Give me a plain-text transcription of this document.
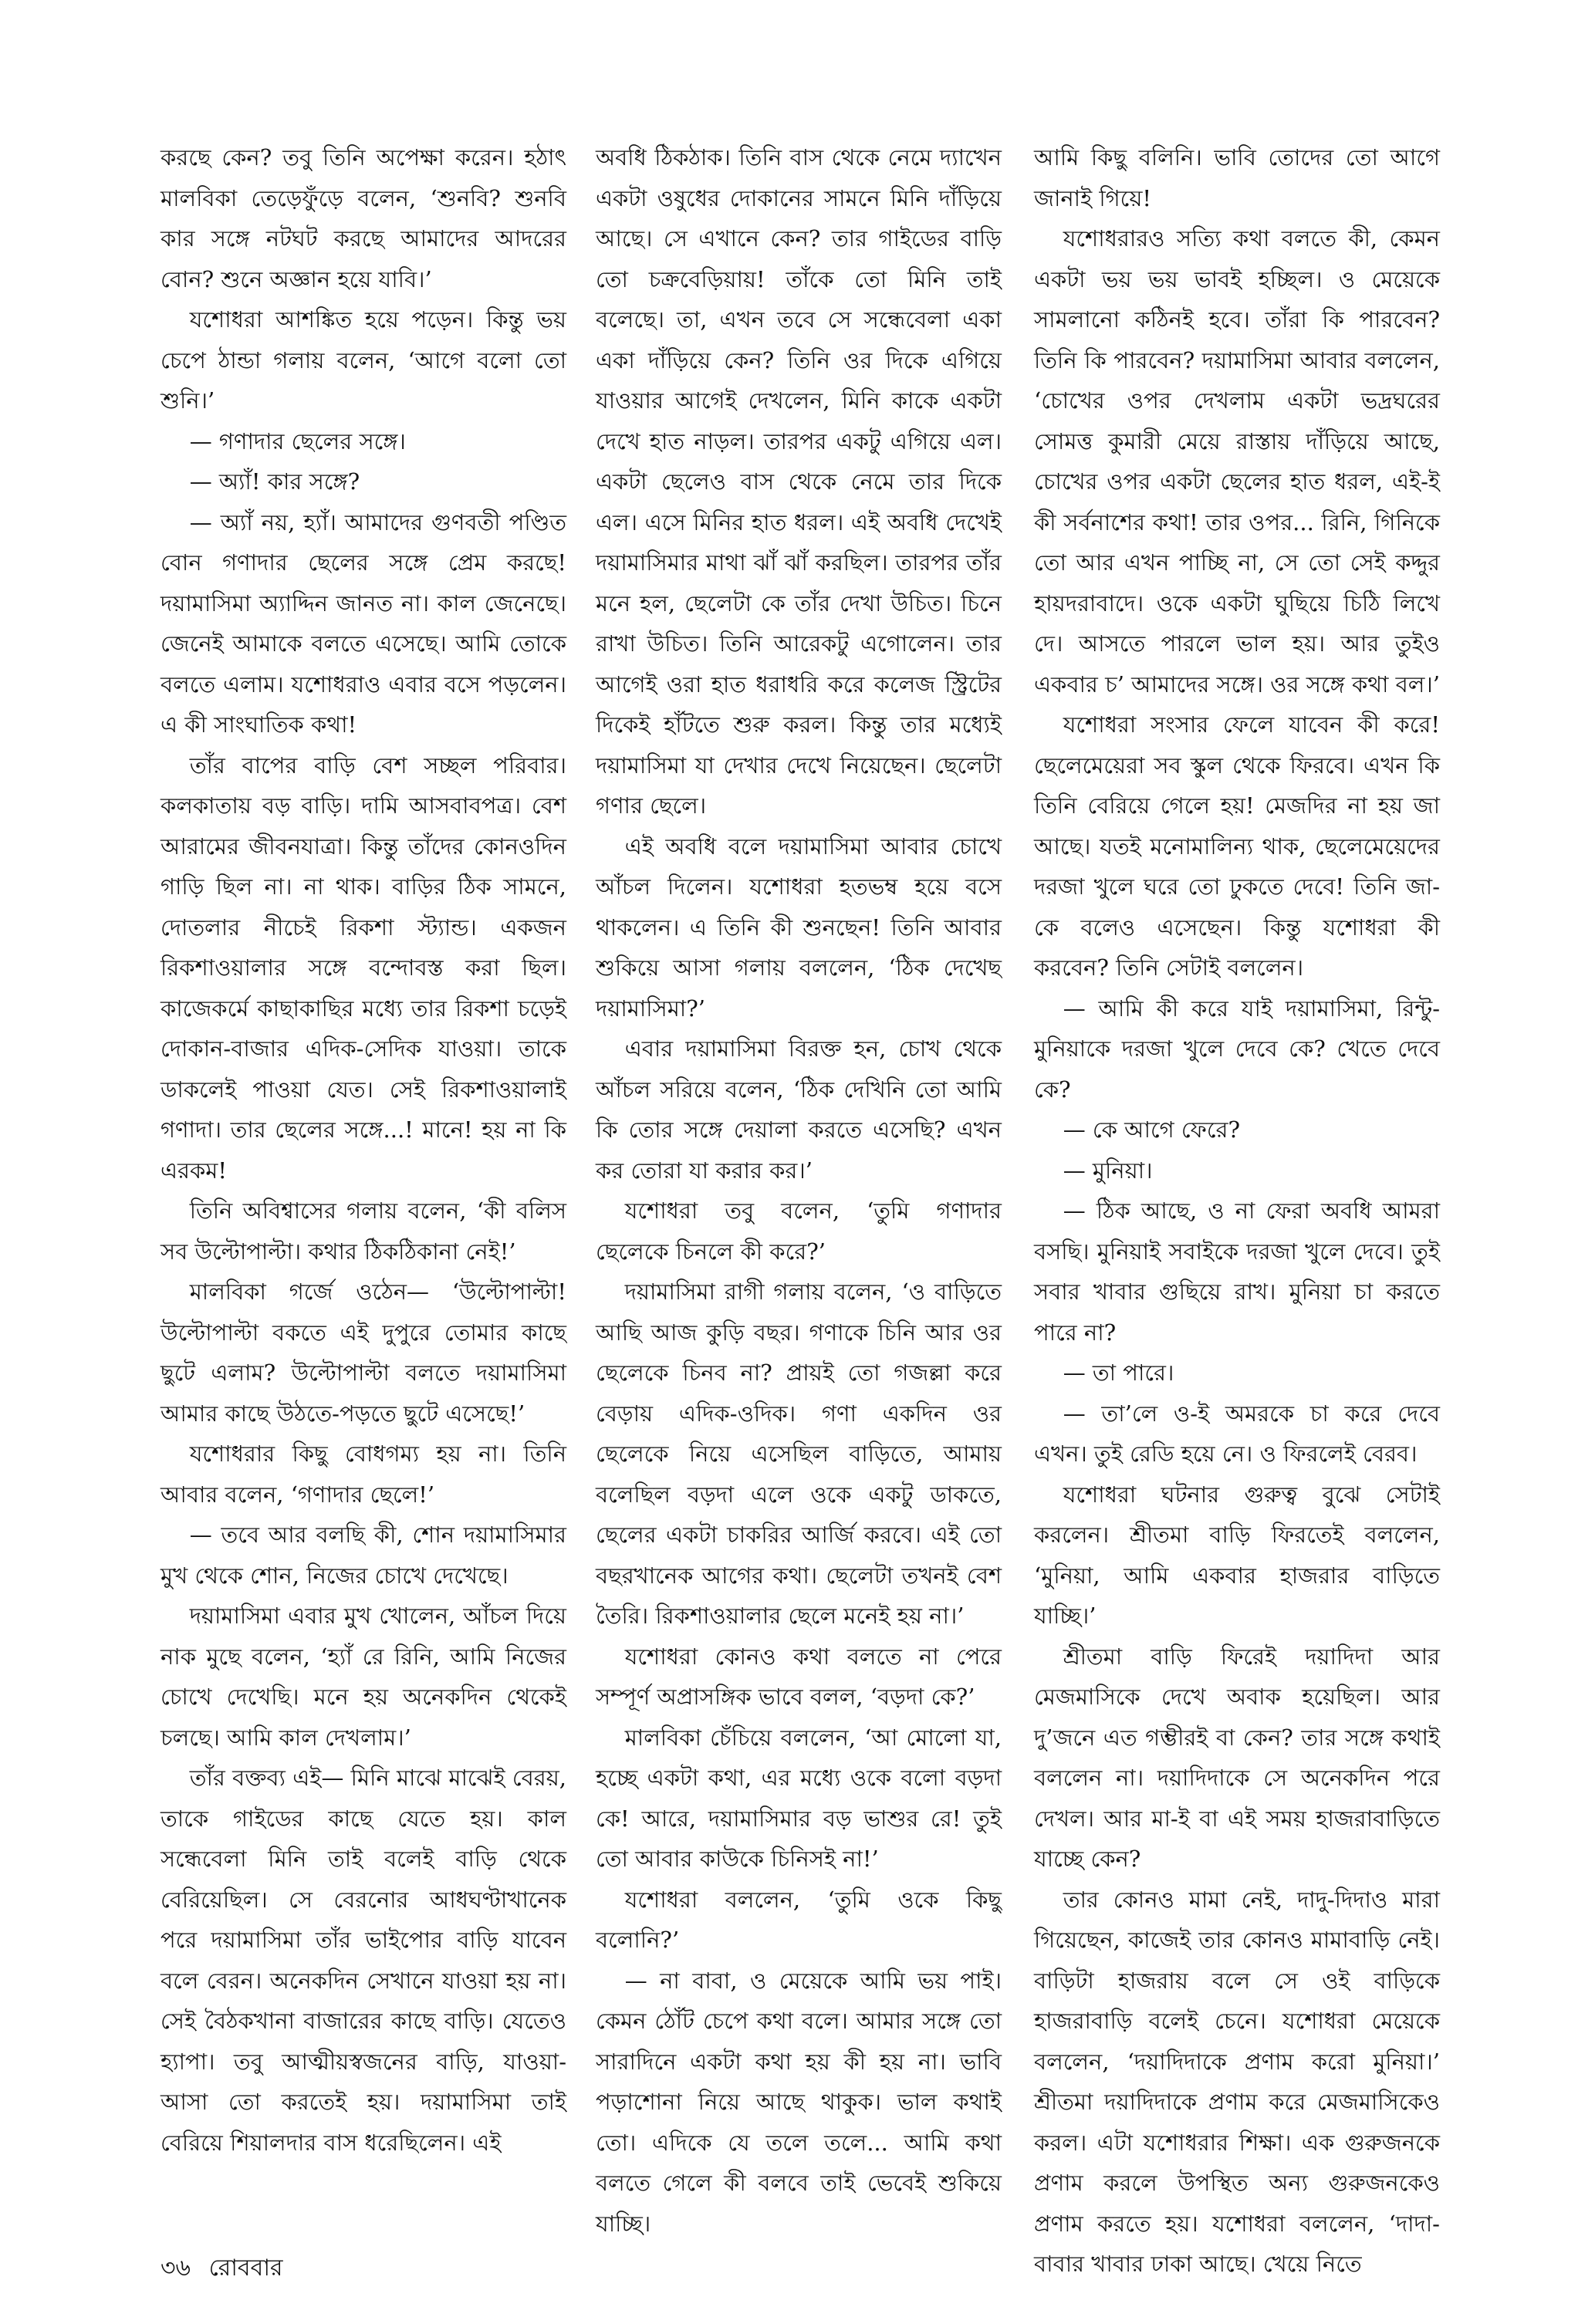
করছে কেন? তবু তিনি অপেক্ষা করেন। হঠাৎ মালবিকা তেড়েফুঁড়ে বলেন, ‘শুনবি? শুনবি কার সঙ্গে নটঘট করছে আমাদের আদরের বোন? শুনে অজ্ঞান হয়ে যাবি।’

যশোধরা আশঙ্কিত হয়ে পড়েন। কিন্তু ভয় চেপে ঠান্ডা গলায় বলেন, ‘আগে বলো তো শুনি।’

— গণাদার ছেলের সঙ্গে।

— অ্যাঁ! কার সঙ্গে?

— অ্যাঁ নয়, হ্যাঁ। আমাদের গুণবতী পণ্ডিত বোন গণাদার ছেলের সঙ্গে প্রেম করছে! দয়ামাসিমা অ্যাদ্দিন জানত না। কাল জেনেছে। জেনেই আমাকে বলতে এসেছে। আমি তোকে বলতে এলাম। যশোধরাও এবার বসে পড়লেন। এ কী সাংঘাতিক কথা!

তাঁর বাপের বাড়ি বেশ সচ্ছল পরিবার। কলকাতায় বড় বাড়ি। দামি আসবাবপত্র। বেশ আরামের জীবনযাত্রা। কিন্তু তাঁদের কোনওদিন গাড়ি ছিল না। না থাক। বাড়ির ঠিক সামনে, দোতলার নীচেই রিকশা স্ট্যান্ড। একজন রিকশাওয়ালার সঙ্গে বন্দোবস্ত করা ছিল। কাজেকর্মে কাছাকাছির মধ্যে তার রিকশা চড়েই দোকান-বাজার এদিক-সেদিক যাওয়া। তাকে ডাকলেই পাওয়া যেত। সেই রিকশাওয়ালাই গণাদা। তার ছেলের সঙ্গে...! মানে! হয় না কি এরকম!

তিনি অবিশ্বাসের গলায় বলেন, ‘কী বলিস সব উল্টোপাল্টা। কথার ঠিকঠিকানা নেই!’

মালবিকা গর্জে ওঠেন— ‘উল্টোপাল্টা! উল্টোপাল্টা বকতে এই দুপুরে তোমার কাছে ছুটে এলাম? উল্টোপাল্টা বলতে দয়ামাসিমা আমার কাছে উঠতে-পড়তে ছুটে এসেছে!’

যশোধরার কিছু বোধগম্য হয় না। তিনি আবার বলেন, ‘গণাদার ছেলে!’

— তবে আর বলছি কী, শোন দয়ামাসিমার মুখ থেকে শোন, নিজের চোখে দেখেছে।

দয়ামাসিমা এবার মুখ খোলেন, আঁচল দিয়ে নাক মুছে বলেন, ‘হ্যাঁ রে রিনি, আমি নিজের চোখে দেখেছি। মনে হয় অনেকদিন থেকেই চলছে। আমি কাল দেখলাম।’

তাঁর বক্তব্য এই— মিনি মাঝে মাঝেই বেরয়, তাকে গাইডের কাছে যেতে হয়। কাল সন্ধেবেলা মিনি তাই বলেই বাড়ি থেকে বেরিয়েছিল। সে বেরনোর আধঘণ্টাখানেক পরে দয়ামাসিমা তাঁর ভাইপোর বাড়ি যাবেন বলে বেরন। অনেকদিন সেখানে যাওয়া হয় না। সেই বৈঠকখানা বাজারের কাছে বাড়ি। যেতেও হ্যাপা। তবু আত্মীয়স্বজনের বাড়ি, যাওয়া-আসা তো করতেই হয়। দয়ামাসিমা তাই বেরিয়ে শিয়ালদার বাস ধরেছিলেন। এই

অবধি ঠিকঠাক। তিনি বাস থেকে নেমে দ্যাখেন একটা ওষুধের দোকানের সামনে মিনি দাঁড়িয়ে আছে। সে এখানে কেন? তার গাইডের বাড়ি তো চক্রবেড়িয়ায়! তাঁকে তো মিনি তাই বলেছে। তা, এখন তবে সে সন্ধেবেলা একা একা দাঁড়িয়ে কেন? তিনি ওর দিকে এগিয়ে যাওয়ার আগেই দেখলেন, মিনি কাকে একটা দেখে হাত নাড়ল। তারপর একটু এগিয়ে এল। একটা ছেলেও বাস থেকে নেমে তার দিকে এল। এসে মিনির হাত ধরল। এই অবধি দেখেই দয়ামাসিমার মাথা ঝাঁ ঝাঁ করছিল। তারপর তাঁর মনে হল, ছেলেটা কে তাঁর দেখা উচিত। চিনে রাখা উচিত। তিনি আরেকটু এগোলেন। তার আগেই ওরা হাত ধরাধরি করে কলেজ স্ট্রিটের দিকেই হাঁটতে শুরু করল। কিন্তু তার মধ্যেই দয়ামাসিমা যা দেখার দেখে নিয়েছেন। ছেলেটা গণার ছেলে।

এই অবধি বলে দয়ামাসিমা আবার চোখে আঁচল দিলেন। যশোধরা হতভম্ব হয়ে বসে থাকলেন। এ তিনি কী শুনছেন! তিনি আবার শুকিয়ে আসা গলায় বললেন, ‘ঠিক দেখেছ দয়ামাসিমা?’

এবার দয়ামাসিমা বিরক্ত হন, চোখ থেকে আঁচল সরিয়ে বলেন, ‘ঠিক দেখিনি তো আমি কি তোর সঙ্গে দেয়ালা করতে এসেছি? এখন কর তোরা যা করার কর।’

যশোধরা তবু বলেন, ‘তুমি গণাদার ছেলেকে চিনলে কী করে?’

দয়ামাসিমা রাগী গলায় বলেন, ‘ও বাড়িতে আছি আজ কুড়ি বছর। গণাকে চিনি আর ওর ছেলেকে চিনব না? প্রায়ই তো গজল্লা করে বেড়ায় এদিক-ওদিক। গণা একদিন ওর ছেলেকে নিয়ে এসেছিল বাড়িতে, আমায় বলেছিল বড়দা এলে ওকে একটু ডাকতে, ছেলের একটা চাকরির আর্জি করবে। এই তো বছরখানেক আগের কথা। ছেলেটা তখনই বেশ তৈরি। রিকশাওয়ালার ছেলে মনেই হয় না।’

যশোধরা কোনও কথা বলতে না পেরে সম্পূর্ণ অপ্রাসঙ্গিক ভাবে বলল, ‘বড়দা কে?’

মালবিকা চেঁচিয়ে বললেন, ‘আ মোলো যা, হচ্ছে একটা কথা, এর মধ্যে ওকে বলো বড়দা কে! আরে, দয়ামাসিমার বড় ভাশুর রে! তুই তো আবার কাউকে চিনিসই না!’

যশোধরা বললেন, ‘তুমি ওকে কিছু বলোনি?’

— না বাবা, ও মেয়েকে আমি ভয় পাই। কেমন ঠোঁট চেপে কথা বলে। আমার সঙ্গে তো সারাদিনে একটা কথা হয় কী হয় না। ভাবি পড়াশোনা নিয়ে আছে থাকুক। ভাল কথাই তো। এদিকে যে তলে তলে... আমি কথা বলতে গেলে কী বলবে তাই ভেবেই শুকিয়ে যাচ্ছি।

আমি কিছু বলিনি। ভাবি তোদের তো আগে জানাই গিয়ে!

যশোধরারও সত্যি কথা বলতে কী, কেমন একটা ভয় ভয় ভাবই হচ্ছিল। ও মেয়েকে সামলানো কঠিনই হবে। তাঁরা কি পারবেন? তিনি কি পারবেন? দয়ামাসিমা আবার বললেন, ‘চোখের ওপর দেখলাম একটা ভদ্রঘরের সোমত্ত কুমারী মেয়ে রাস্তায় দাঁড়িয়ে আছে, চোখের ওপর একটা ছেলের হাত ধরল, এই-ই কী সর্বনাশের কথা! তার ওপর... রিনি, গিনিকে তো আর এখন পাচ্ছি না, সে তো সেই কদ্দুর হায়দরাবাদে। ওকে একটা ঘুছিয়ে চিঠি লিখে দে। আসতে পারলে ভাল হয়। আর তুইও একবার চ’ আমাদের সঙ্গে। ওর সঙ্গে কথা বল।’

যশোধরা সংসার ফেলে যাবেন কী করে! ছেলেমেয়েরা সব স্কুল থেকে ফিরবে। এখন কি তিনি বেরিয়ে গেলে হয়! মেজদির না হয় জা আছে। যতই মনোমালিন্য থাক, ছেলেমেয়েদের দরজা খুলে ঘরে তো ঢুকতে দেবে! তিনি জা-কে বলেও এসেছেন। কিন্তু যশোধরা কী করবেন? তিনি সেটাই বললেন।

— আমি কী করে যাই দয়ামাসিমা, রিন্টু-মুনিয়াকে দরজা খুলে দেবে কে? খেতে দেবে কে?

— কে আগে ফেরে?

— মুনিয়া।

— ঠিক আছে, ও না ফেরা অবধি আমরা বসছি। মুনিয়াই সবাইকে দরজা খুলে দেবে। তুই সবার খাবার গুছিয়ে রাখ। মুনিয়া চা করতে পারে না?

— তা পারে।

— তা’লে ও-ই অমরকে চা করে দেবে এখন। তুই রেডি হয়ে নে। ও ফিরলেই বেরব।

যশোধরা ঘটনার গুরুত্ব বুঝে সেটাই করলেন। শ্রীতমা বাড়ি ফিরতেই বললেন, ‘মুনিয়া, আমি একবার হাজরার বাড়িতে যাচ্ছি।’

শ্রীতমা বাড়ি ফিরেই দয়াদিদা আর মেজমাসিকে দেখে অবাক হয়েছিল। আর দু’জনে এত গম্ভীরই বা কেন? তার সঙ্গে কথাই বললেন না। দয়াদিদাকে সে অনেকদিন পরে দেখল। আর মা-ই বা এই সময় হাজরাবাড়িতে যাচ্ছে কেন?

তার কোনও মামা নেই, দাদু-দিদাও মারা গিয়েছেন, কাজেই তার কোনও মামাবাড়ি নেই। বাড়িটা হাজরায় বলে সে ওই বাড়িকে হাজরাবাড়ি বলেই চেনে। যশোধরা মেয়েকে বললেন, ‘দয়াদিদাকে প্রণাম করো মুনিয়া।’ শ্রীতমা দয়াদিদাকে প্রণাম করে মেজমাসিকেও করল। এটা যশোধরার শিক্ষা। এক গুরুজনকে প্রণাম করলে উপস্থিত অন্য গুরুজনকেও প্রণাম করতে হয়। যশোধরা বললেন, ‘দাদা-বাবার খাবার ঢাকা আছে। খেয়ে নিতে

৩৬ রোববার
